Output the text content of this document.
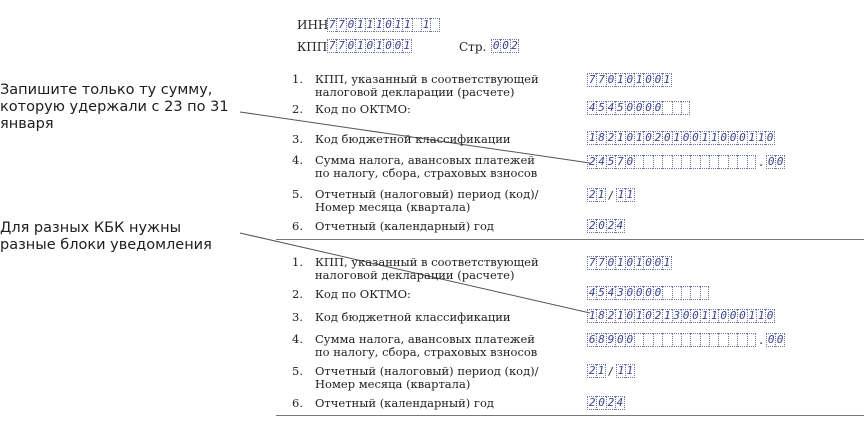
Запишите только ту сумму, которую удержали с 23 по 31 января
Для разных КБК нужны разные блоки уведомления
ИНН 7 7 0 1 1 1 0 1 1 1
КПП 7 7 0 1 0 1 0 0 1	Стр. 0 0 2
1.	КПП, указанный в соответствующей
налоговой декларации (расчете)
7 7 0 1 0 1 0 0 1
2.	Код по ОКТМО:	4 5 4 5 0 0 0 0
3.	Код бюджетной классификации	1 8 2 1 0 1 0 2 0 1 0 0 1 1 0 0 0 1 1 0
4.	Сумма налога, авансовых платежей
по налогу, сбора, страховых взносов
2 4 5 7 0	. 0 0
5.	Отчетный (налоговый) период (код)/
Номер месяца (квартала)
2 1 / 1 1
6.	Отчетный (календарный) год	2 0 2 4
1.	КПП, указанный в соответствующей
налоговой декларации (расчете)
7 7 0 1 0 1 0 0 1
2.	Код по ОКТМО:	4 5 4 3 0 0 0 0
3.	Код бюджетной классификации	1 8 2 1 0 1 0 2 1 3 0 0 1 1 0 0 0 1 1 0
4.	Сумма налога, авансовых платежей
по налогу, сбора, страховых взносов
6 8 9 0 0	. 0 0
5.	Отчетный (налоговый) период (код)/
Номер месяца (квартала)
2 1 / 1 1
6.	Отчетный (календарный) год	2 0 2 4
